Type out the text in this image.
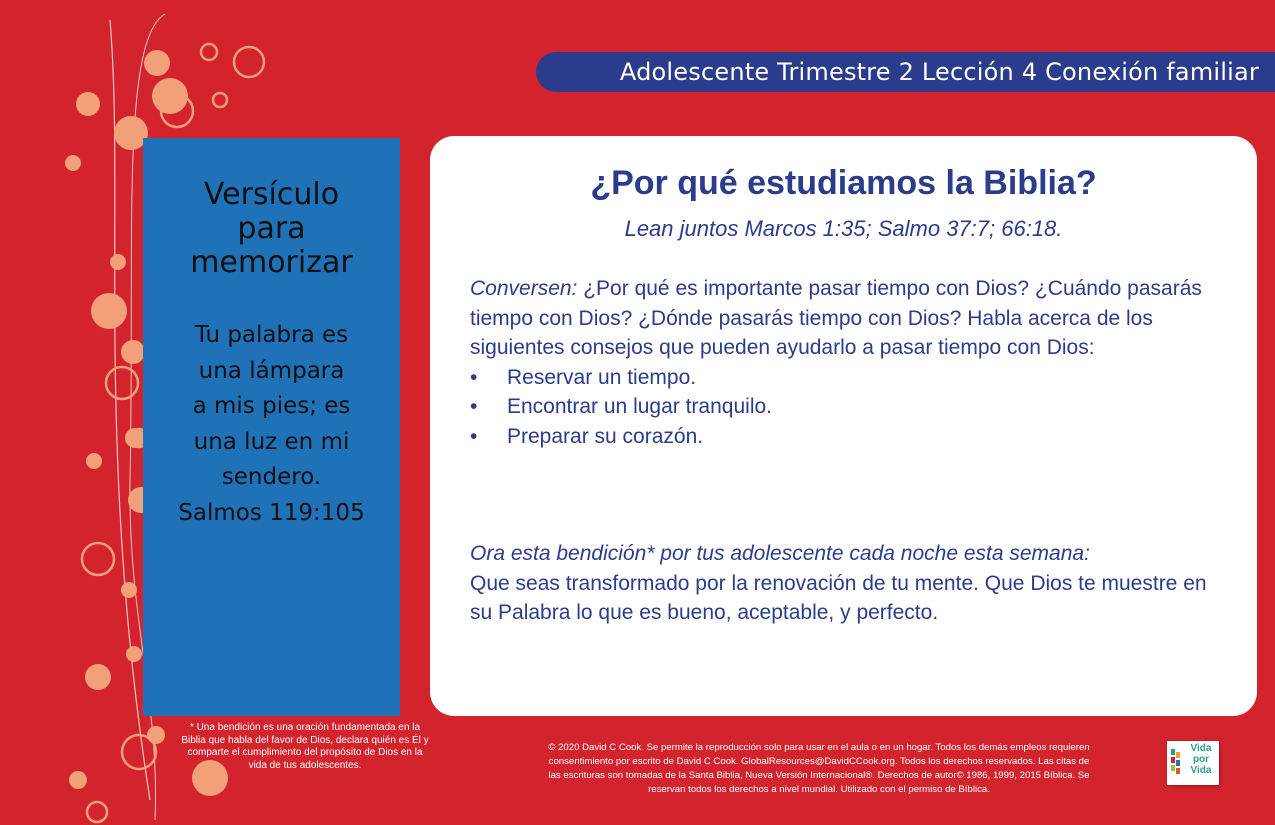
Adolescente Trimestre 2 Lección 4 Conexión familiar
Versículo
para
memorizar
Tu palabra es
una lámpara
a mis pies; es
una luz en mi
sendero.
Salmos 119:105
¿Por qué estudiamos la Biblia?
Lean juntos Marcos 1:35; Salmo 37:7; 66:18.

Conversen: ¿Por qué es importante pasar tiempo con Dios? ¿Cuándo pasarás tiempo con Dios? ¿Dónde pasarás tiempo con Dios? Habla acerca de los siguientes consejos que pueden ayudarlo a pasar tiempo con Dios:

• Reservar un tiempo.
• Encontrar un lugar tranquilo.
• Preparar su corazón.

Ora esta bendición* por tus adolescente cada noche esta semana:

Que seas transformado por la renovación de tu mente. Que Dios te muestre en su Palabra lo que es bueno, aceptable, y perfecto.

* Una bendición es una oración fundamentada en la
Biblia que habla del favor de Dios, declara quién es Él y
comparte el cumplimiento del propósito de Dios en la
vida de tus adolescentes.
© 2020 David C Cook. Se permite la reproducción solo para usar en el aula o en un hogar. Todos los demás empleos requieren
consentimiento por escrito de David C Cook. GlobalResources@DavidCCook.org. Todos los derechos reservados. Las citas de
las escrituras son tomadas de la Santa Biblia, Nueva Versión Internacional®. Derechos de autor© 1986, 1999, 2015 Bíblica. Se
reservan todos los derechos a nivel mundial. Utilizado con el permiso de Bíblica.
Vida
por
Vida
